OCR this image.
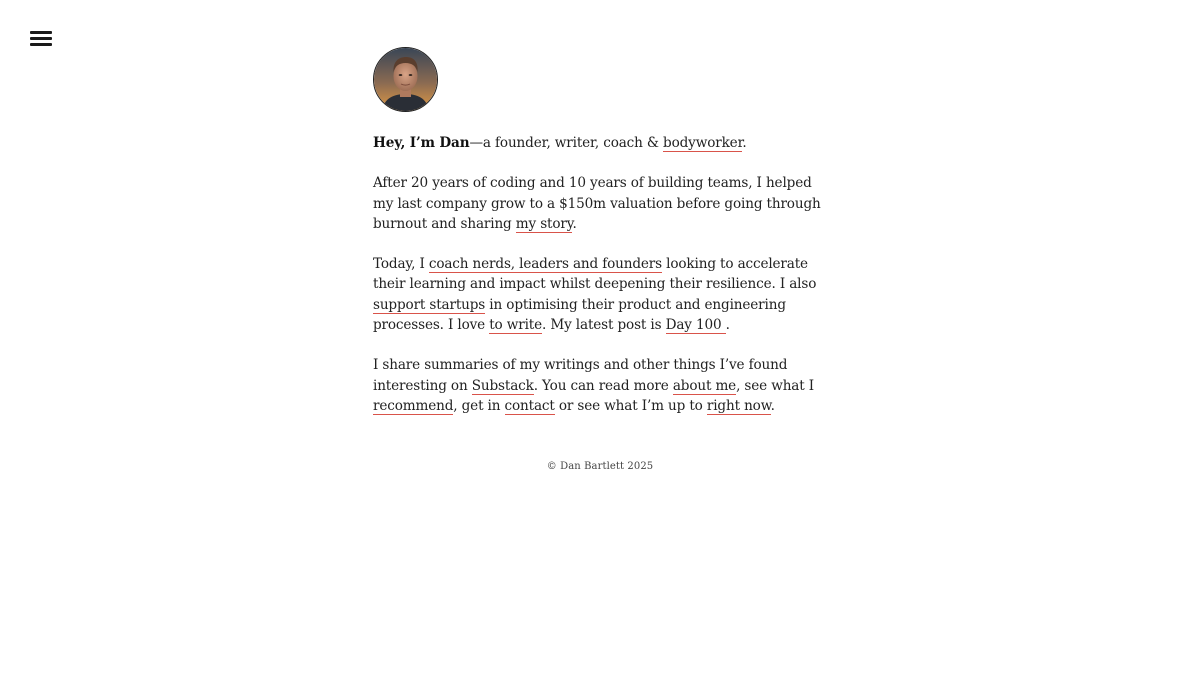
Hey, I’m Dan—a founder, writer, coach & bodyworker.

After 20 years of coding and 10 years of building teams, I helped my last company grow to a $150m valuation before going through burnout and sharing my story.

Today, I coach nerds, leaders and founders looking to accelerate their learning and impact whilst deepening their resilience. I also support startups in optimising their product and engineering processes. I love to write. My latest post is Day 100 .

I share summaries of my writings and other things I’ve found interesting on Substack. You can read more about me, see what I recommend, get in contact or see what I’m up to right now.

© Dan Bartlett 2025
